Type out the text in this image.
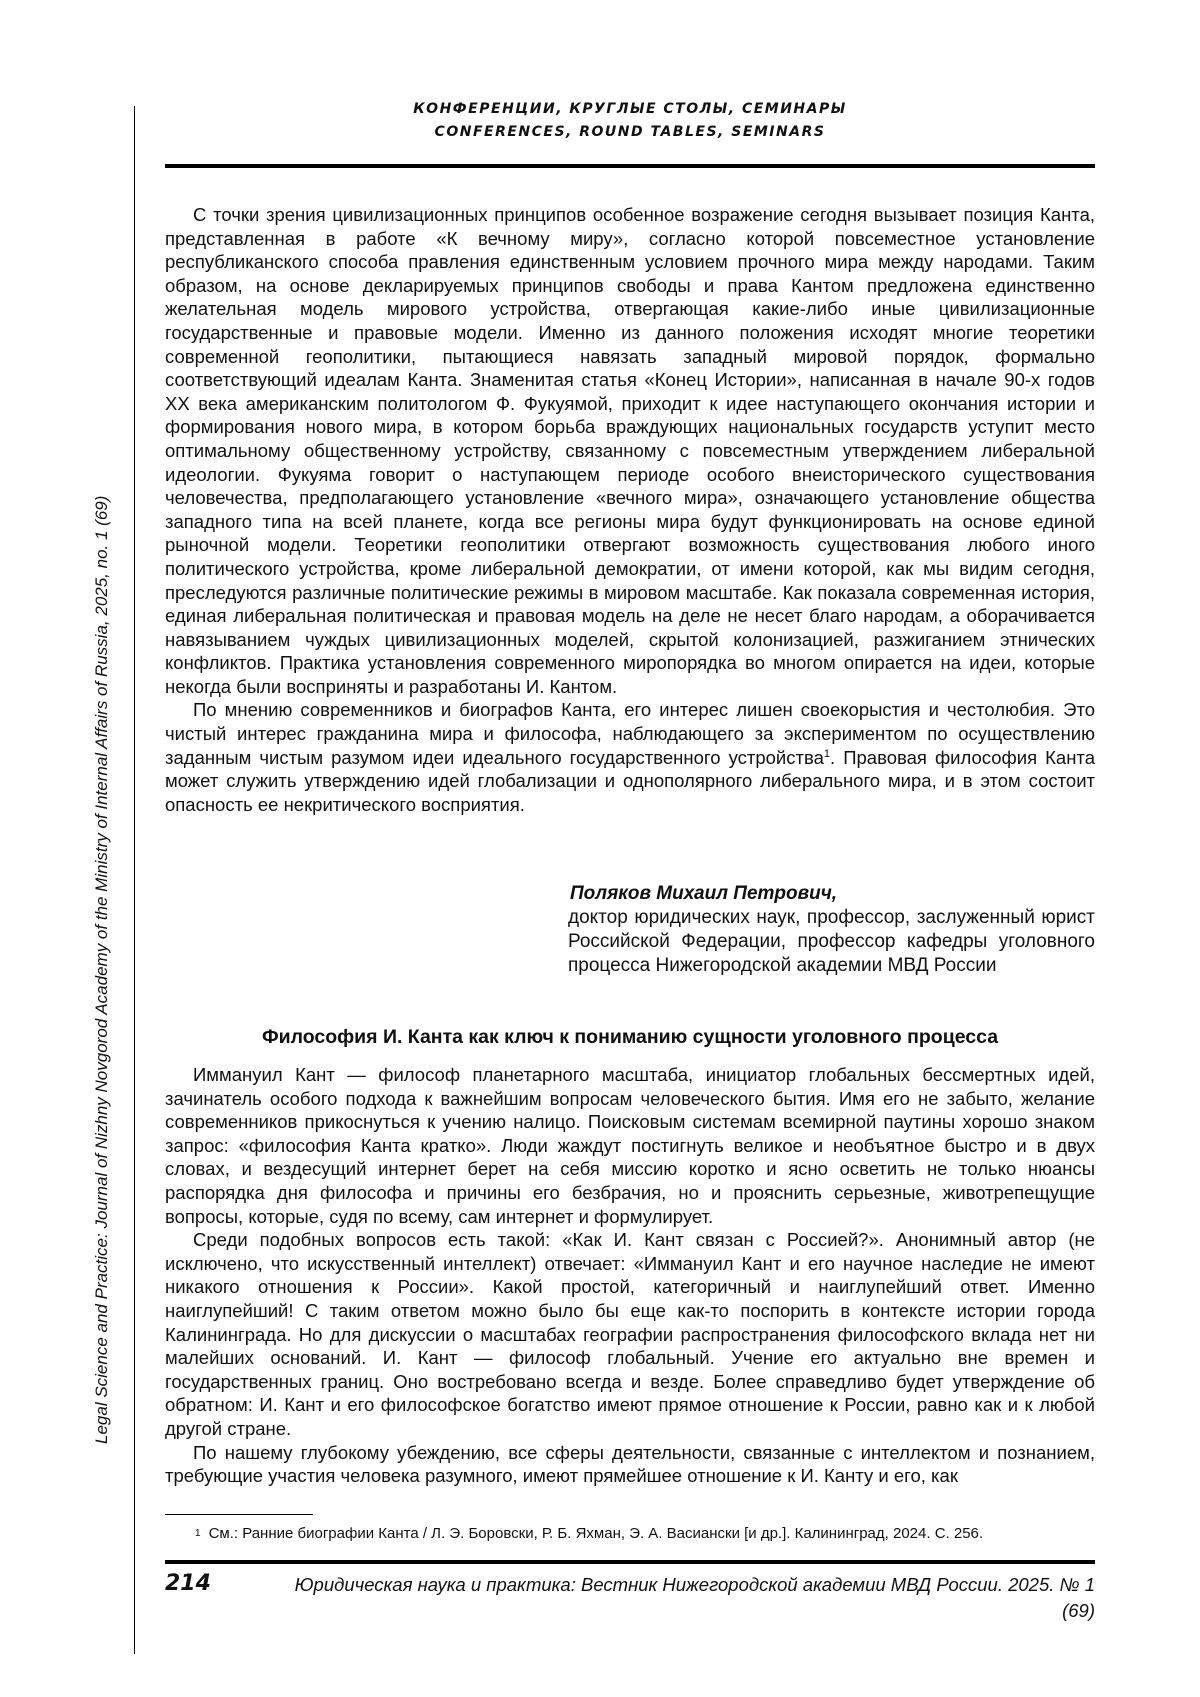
Legal Science and Practice: Journal of Nizhny Novgorod Academy of the Ministry of Internal Affairs of Russia, 2025, no. 1 (69)
КОНФЕРЕНЦИИ, КРУГЛЫЕ СТОЛЫ, СЕМИНАРЫ
CONFERENCES, ROUND TABLES, SEMINARS

С точки зрения цивилизационных принципов особенное возражение сегодня вызывает позиция Канта, представленная в работе «К вечному миру», согласно которой повсеместное установление республиканского способа правления единственным условием прочного мира между народами. Таким образом, на основе декларируемых принципов свободы и права Кантом предложена единственно желательная модель мирового устройства, отвергающая какие-либо иные цивилизационные государственные и правовые модели. Именно из данного положения исходят многие теоретики современной геополитики, пытающиеся навязать западный мировой порядок, формально соответствующий идеалам Канта. Знаменитая статья «Конец Истории», написанная в начале 90-х годов XX века американским политологом Ф. Фукуямой, приходит к идее наступающего окончания истории и формирования нового мира, в котором борьба враждующих национальных государств уступит место оптимальному общественному устройству, связанному с повсеместным утверждением либеральной идеологии. Фукуяма говорит о наступающем периоде особого внеисторического существования человечества, предполагающего установление «вечного мира», означающего установление общества западного типа на всей планете, когда все регионы мира будут функционировать на основе единой рыночной модели. Теоретики геополитики отвергают возможность существования любого иного политического устройства, кроме либеральной демократии, от имени которой, как мы видим сегодня, преследуются различные политические режимы в мировом масштабе. Как показала современная история, единая либеральная политическая и правовая модель на деле не несет благо народам, а оборачивается навязыванием чуждых цивилизационных моделей, скрытой колонизацией, разжиганием этнических конфликтов. Практика установления современного миропорядка во многом опирается на идеи, которые некогда были восприняты и разработаны И. Кантом.

По мнению современников и биографов Канта, его интерес лишен своекорыстия и честолюбия. Это чистый интерес гражданина мира и философа, наблюдающего за экспериментом по осуществлению заданным чистым разумом идеи идеального государственного устройства$^1$. Правовая философия Канта может служить утверждению идей глобализации и однополярного либерального мира, и в этом состоит опасность ее некритического восприятия.

Поляков Михаил Петрович,
доктор юридических наук, профессор, заслуженный юрист Российской Федерации, профессор кафедры уголовного процесса Нижегородской академии МВД России
Философия И. Канта как ключ к пониманию сущности уголовного процесса

Иммануил Кант — философ планетарного масштаба, инициатор глобальных бессмертных идей, зачинатель особого подхода к важнейшим вопросам человеческого бытия. Имя его не забыто, желание современников прикоснуться к учению налицо. Поисковым системам всемирной паутины хорошо знаком запрос: «философия Канта кратко». Люди жаждут постигнуть великое и необъятное быстро и в двух словах, и вездесущий интернет берет на себя миссию коротко и ясно осветить не только нюансы распорядка дня философа и причины его безбрачия, но и прояснить серьезные, животрепещущие вопросы, которые, судя по всему, сам интернет и формулирует.

Среди подобных вопросов есть такой: «Как И. Кант связан с Россией?». Анонимный автор (не исключено, что искусственный интеллект) отвечает: «Иммануил Кант и его научное наследие не имеют никакого отношения к России». Какой простой, категоричный и наиглупейший ответ. Именно наиглупейший! С таким ответом можно было бы еще как-то поспорить в контексте истории города Калининграда. Но для дискуссии о масштабах географии распространения философского вклада нет ни малейших оснований. И. Кант — философ глобальный. Учение его актуально вне времен и государственных границ. Оно востребовано всегда и везде. Более справедливо будет утверждение об обратном: И. Кант и его философское богатство имеют прямое отношение к России, равно как и к любой другой стране.

По нашему глубокому убеждению, все сферы деятельности, связанные с интеллектом и познанием, требующие участия человека разумного, имеют прямейшее отношение к И. Канту и его, как

$^1$ См.: Ранние биографии Канта / Л. Э. Боровски, Р. Б. Яхман, Э. А. Васиански [и др.]. Калининград, 2024. С. 256.
214	Юридическая наука и практика: Вестник Нижегородской академии МВД России. 2025. № 1 (69)
